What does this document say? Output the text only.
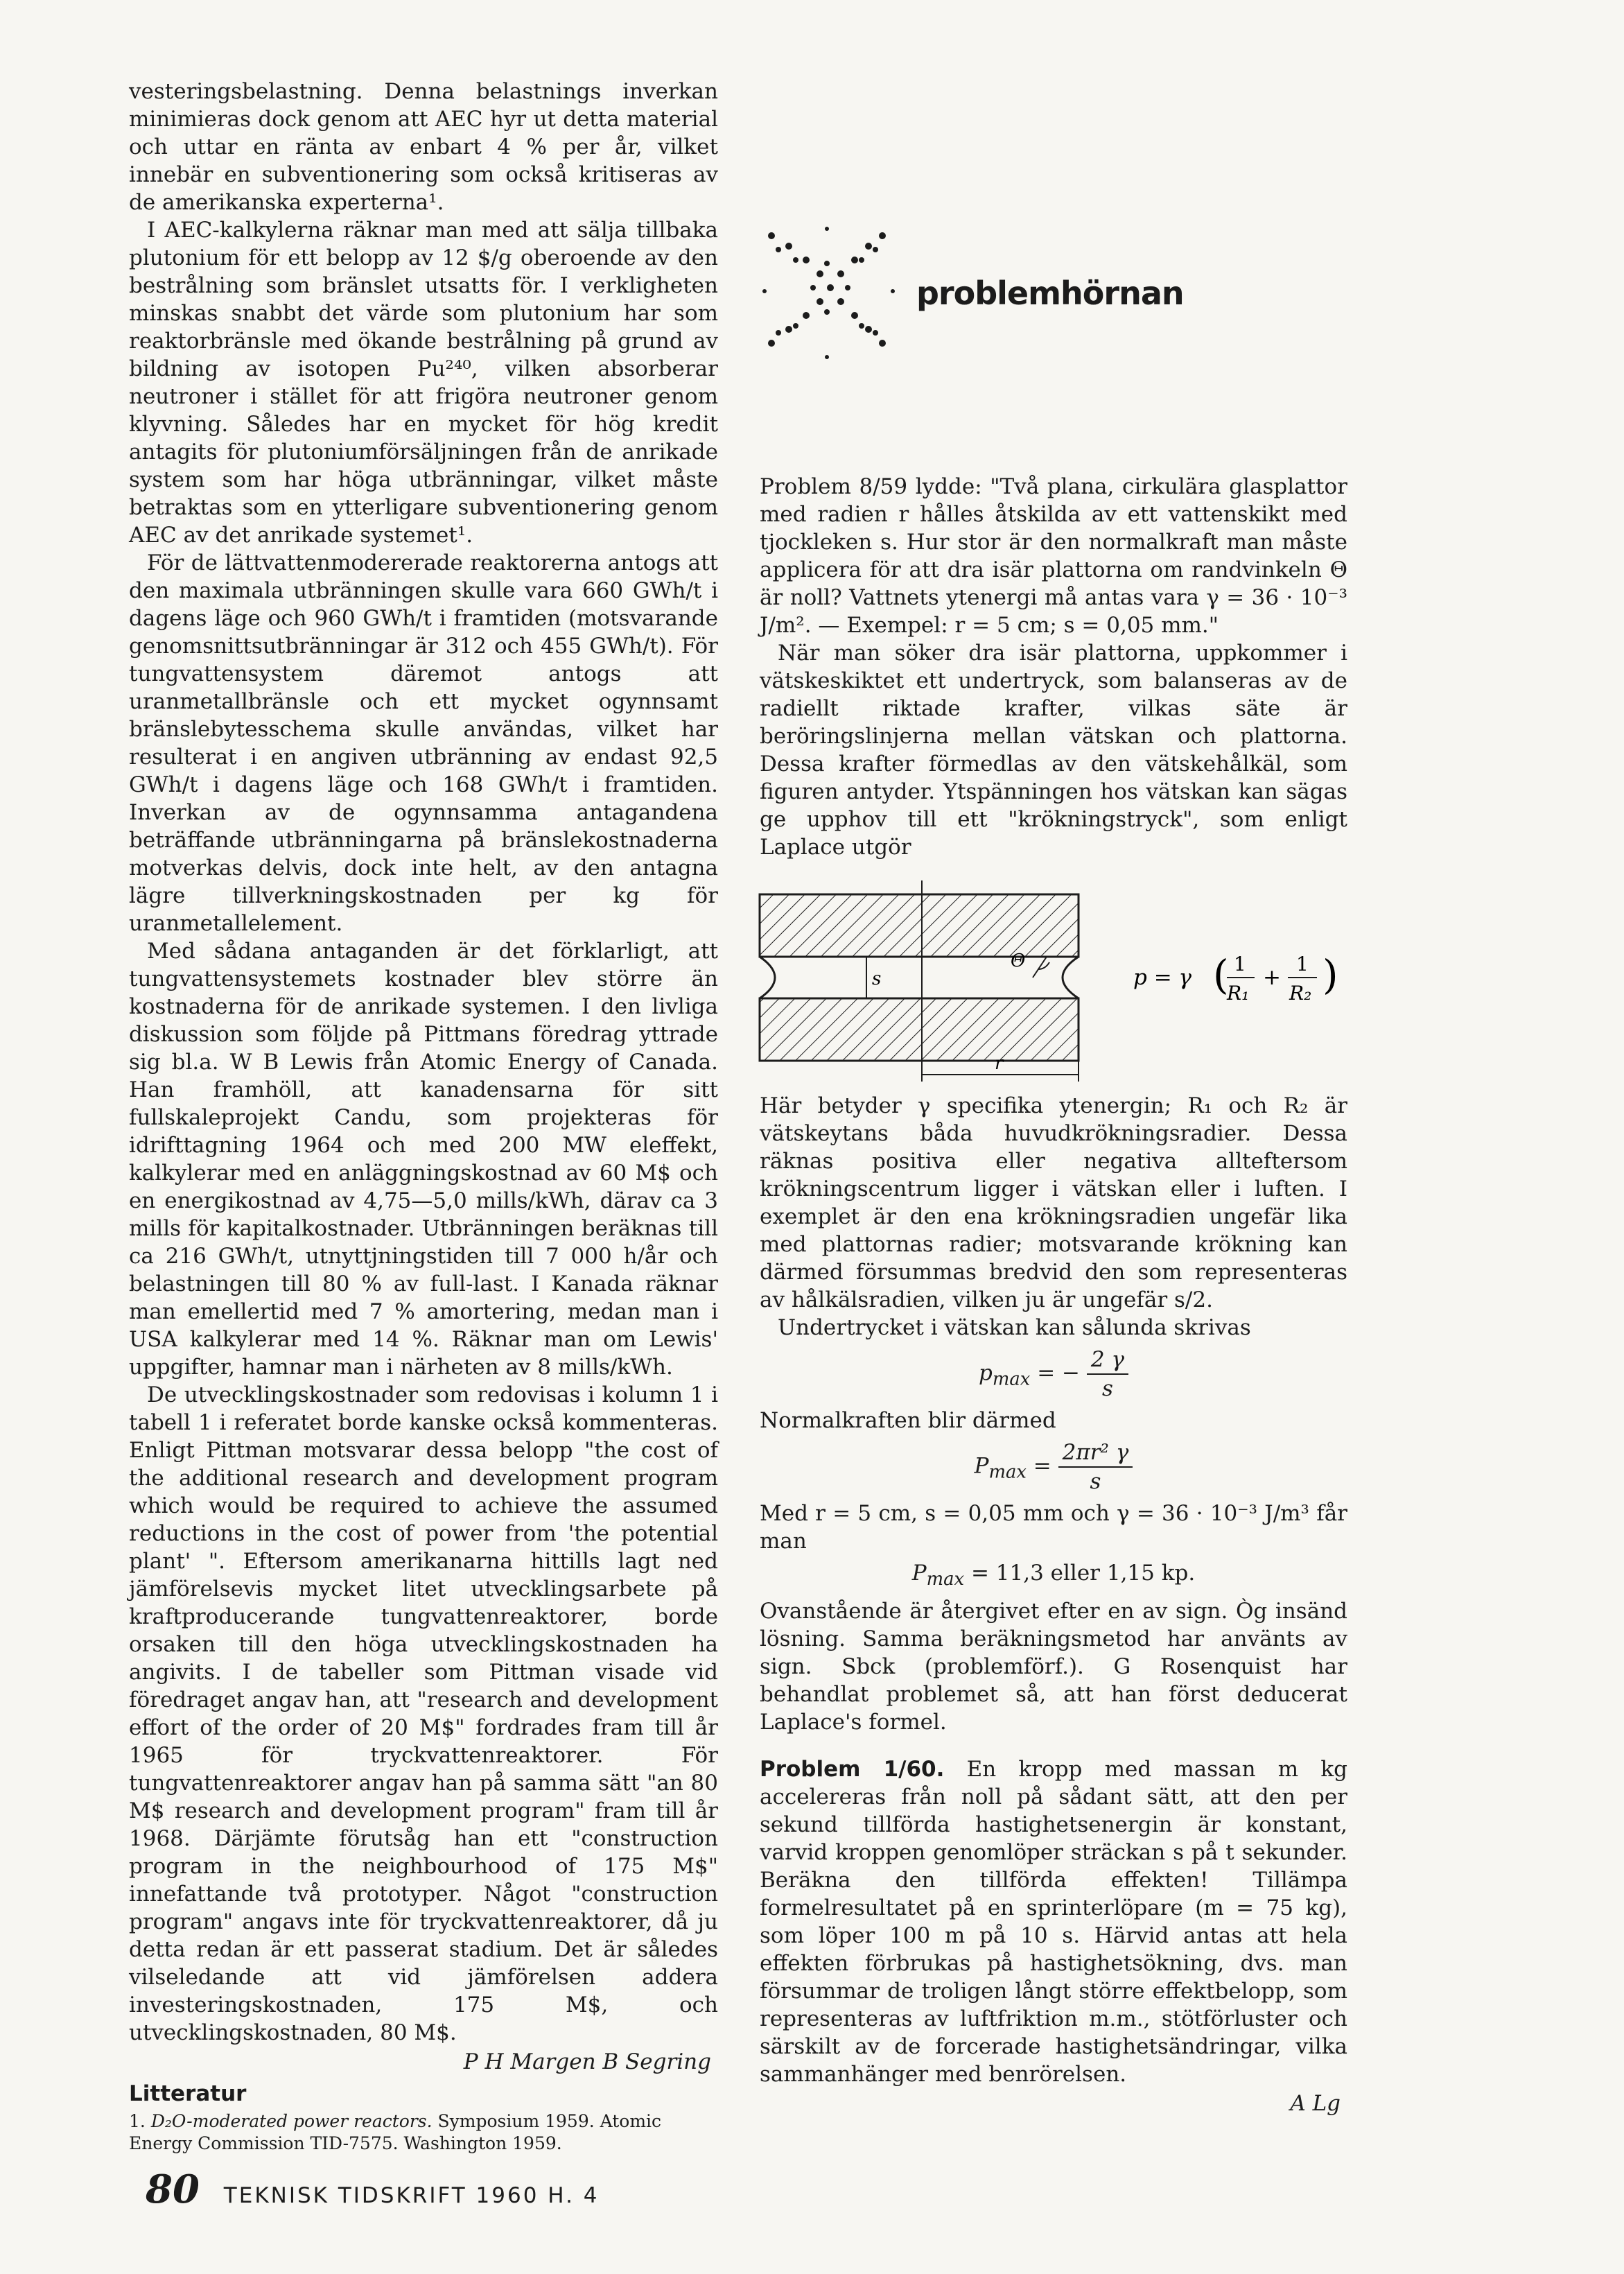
vesteringsbelastning. Denna belastnings inverkan minimieras dock genom att AEC hyr ut detta material och uttar en ränta av enbart 4 % per år, vilket innebär en subventionering som också kritiseras av de amerikanska experterna¹.

I AEC-kalkylerna räknar man med att sälja tillbaka plutonium för ett belopp av 12 $/g oberoende av den bestrålning som bränslet utsatts för. I verkligheten minskas snabbt det värde som plutonium har som reaktorbränsle med ökande bestrålning på grund av bildning av isotopen Pu²⁴⁰, vilken absorberar neutroner i stället för att frigöra neutroner genom klyvning. Således har en mycket för hög kredit antagits för plutoniumförsäljningen från de anrikade system som har höga utbränningar, vilket måste betraktas som en ytterligare subventionering genom AEC av det anrikade systemet¹.

För de lättvattenmodererade reaktorerna antogs att den maximala utbränningen skulle vara 660 GWh/t i dagens läge och 960 GWh/t i framtiden (motsvarande genomsnittsutbränningar är 312 och 455 GWh/t). För tungvattensystem däremot antogs att uranmetallbränsle och ett mycket ogynnsamt bränslebytesschema skulle användas, vilket har resulterat i en angiven utbränning av endast 92,5 GWh/t i dagens läge och 168 GWh/t i framtiden. Inverkan av de ogynnsamma antagandena beträffande utbränningarna på bränslekostnaderna motverkas delvis, dock inte helt, av den antagna lägre tillverkningskostnaden per kg för uranmetallelement.

Med sådana antaganden är det förklarligt, att tungvattensystemets kostnader blev större än kostnaderna för de anrikade systemen. I den livliga diskussion som följde på Pittmans föredrag yttrade sig bl.a. W B Lewis från Atomic Energy of Canada. Han framhöll, att kanadensarna för sitt fullskaleprojekt Candu, som projekteras för idrifttagning 1964 och med 200 MW eleffekt, kalkylerar med en anläggningskostnad av 60 M$ och en energikostnad av 4,75—5,0 mills/kWh, därav ca 3 mills för kapitalkostnader. Utbränningen beräknas till ca 216 GWh/t, utnyttjningstiden till 7 000 h/år och belastningen till 80 % av full-last. I Kanada räknar man emellertid med 7 % amortering, medan man i USA kalkylerar med 14 %. Räknar man om Lewis' uppgifter, hamnar man i närheten av 8 mills/kWh.

De utvecklingskostnader som redovisas i kolumn 1 i tabell 1 i referatet borde kanske också kommenteras. Enligt Pittman motsvarar dessa belopp "the cost of the additional research and development program which would be required to achieve the assumed reductions in the cost of power from 'the potential plant' ". Eftersom amerikanarna hittills lagt ned jämförelsevis mycket litet utvecklingsarbete på kraftproducerande tungvattenreaktorer, borde orsaken till den höga utvecklingskostnaden ha angivits. I de tabeller som Pittman visade vid föredraget angav han, att "research and development effort of the order of 20 M$" fordrades fram till år 1965 för tryckvattenreaktorer. För tungvattenreaktorer angav han på samma sätt "an 80 M$ research and development program" fram till år 1968. Därjämte förutsåg han ett "construction program in the neighbourhood of 175 M$" innefattande två prototyper. Något "construction program" angavs inte för tryckvattenreaktorer, då ju detta redan är ett passerat stadium. Det är således vilseledande att vid jämförelsen addera investeringskostnaden, 175 M$, och utvecklingskostnaden, 80 M$.

P H Margen B Segring
Litteratur
1. D₂O-moderated power reactors. Symposium 1959. Atomic Energy Commission TID-7575. Washington 1959.
problemhörnan

Problem 8/59 lydde: "Två plana, cirkulära glasplattor med radien r hålles åtskilda av ett vattenskikt med tjockleken s. Hur stor är den normalkraft man måste applicera för att dra isär plattorna om randvinkeln Θ är noll? Vattnets ytenergi må antas vara γ = 36 · 10⁻³ J/m². — Exempel: r = 5 cm; s = 0,05 mm."

När man söker dra isär plattorna, uppkommer i vätskeskiktet ett undertryck, som balanseras av de radiellt riktade krafter, vilkas säte är beröringslinjerna mellan vätskan och plattorna. Dessa krafter förmedlas av den vätskehålkäl, som figuren antyder. Ytspänningen hos vätskan kan sägas ge upphov till ett "krökningstryck", som enligt Laplace utgör

s
Θ
r
p = γ ( 1
R₁
+
1
R₂ )

Här betyder γ specifika ytenergin; R₁ och R₂ är vätskeytans båda huvudkrökningsradier. Dessa räknas positiva eller negativa allteftersom krökningscentrum ligger i vätskan eller i luften. I exemplet är den ena krökningsradien ungefär lika med plattornas radier; motsvarande krökning kan därmed försummas bredvid den som representeras av hålkälsradien, vilken ju är ungefär s/2.

Undertrycket i vätskan kan sålunda skrivas

$p_{max}$ = − $\frac{2 \gamma}{s}$

Normalkraften blir därmed

$P_{max} = \frac{\text{2πr² γ}}{s}$

Med r = 5 cm, s = 0,05 mm och γ = 36 · 10⁻³ J/m³ får man

$P_{max} = 11,3$ eller 1,15 kp.

Ovanstående är återgivet efter en av sign. Òg insänd lösning. Samma beräkningsmetod har använts av sign. Sbck (problemförf.). G Rosenquist har behandlat problemet så, att han först deducerat Laplace's formel.

Problem 1/60. En kropp med massan m kg accelereras från noll på sådant sätt, att den per sekund tillförda hastighetsenergin är konstant, varvid kroppen genomlöper sträckan s på t sekunder. Beräkna den tillförda effekten! Tillämpa formelresultatet på en sprinterlöpare (m = 75 kg), som löper 100 m på 10 s. Härvid antas att hela effekten förbrukas på hastighetsökning, dvs. man försummar de troligen långt större effektbelopp, som representeras av luftfriktion m.m., stötförluster och särskilt av de forcerade hastighetsändringar, vilka sammanhänger med benrörelsen.

A Lg
80 TEKNISK TIDSKRIFT 1960 H. 4
